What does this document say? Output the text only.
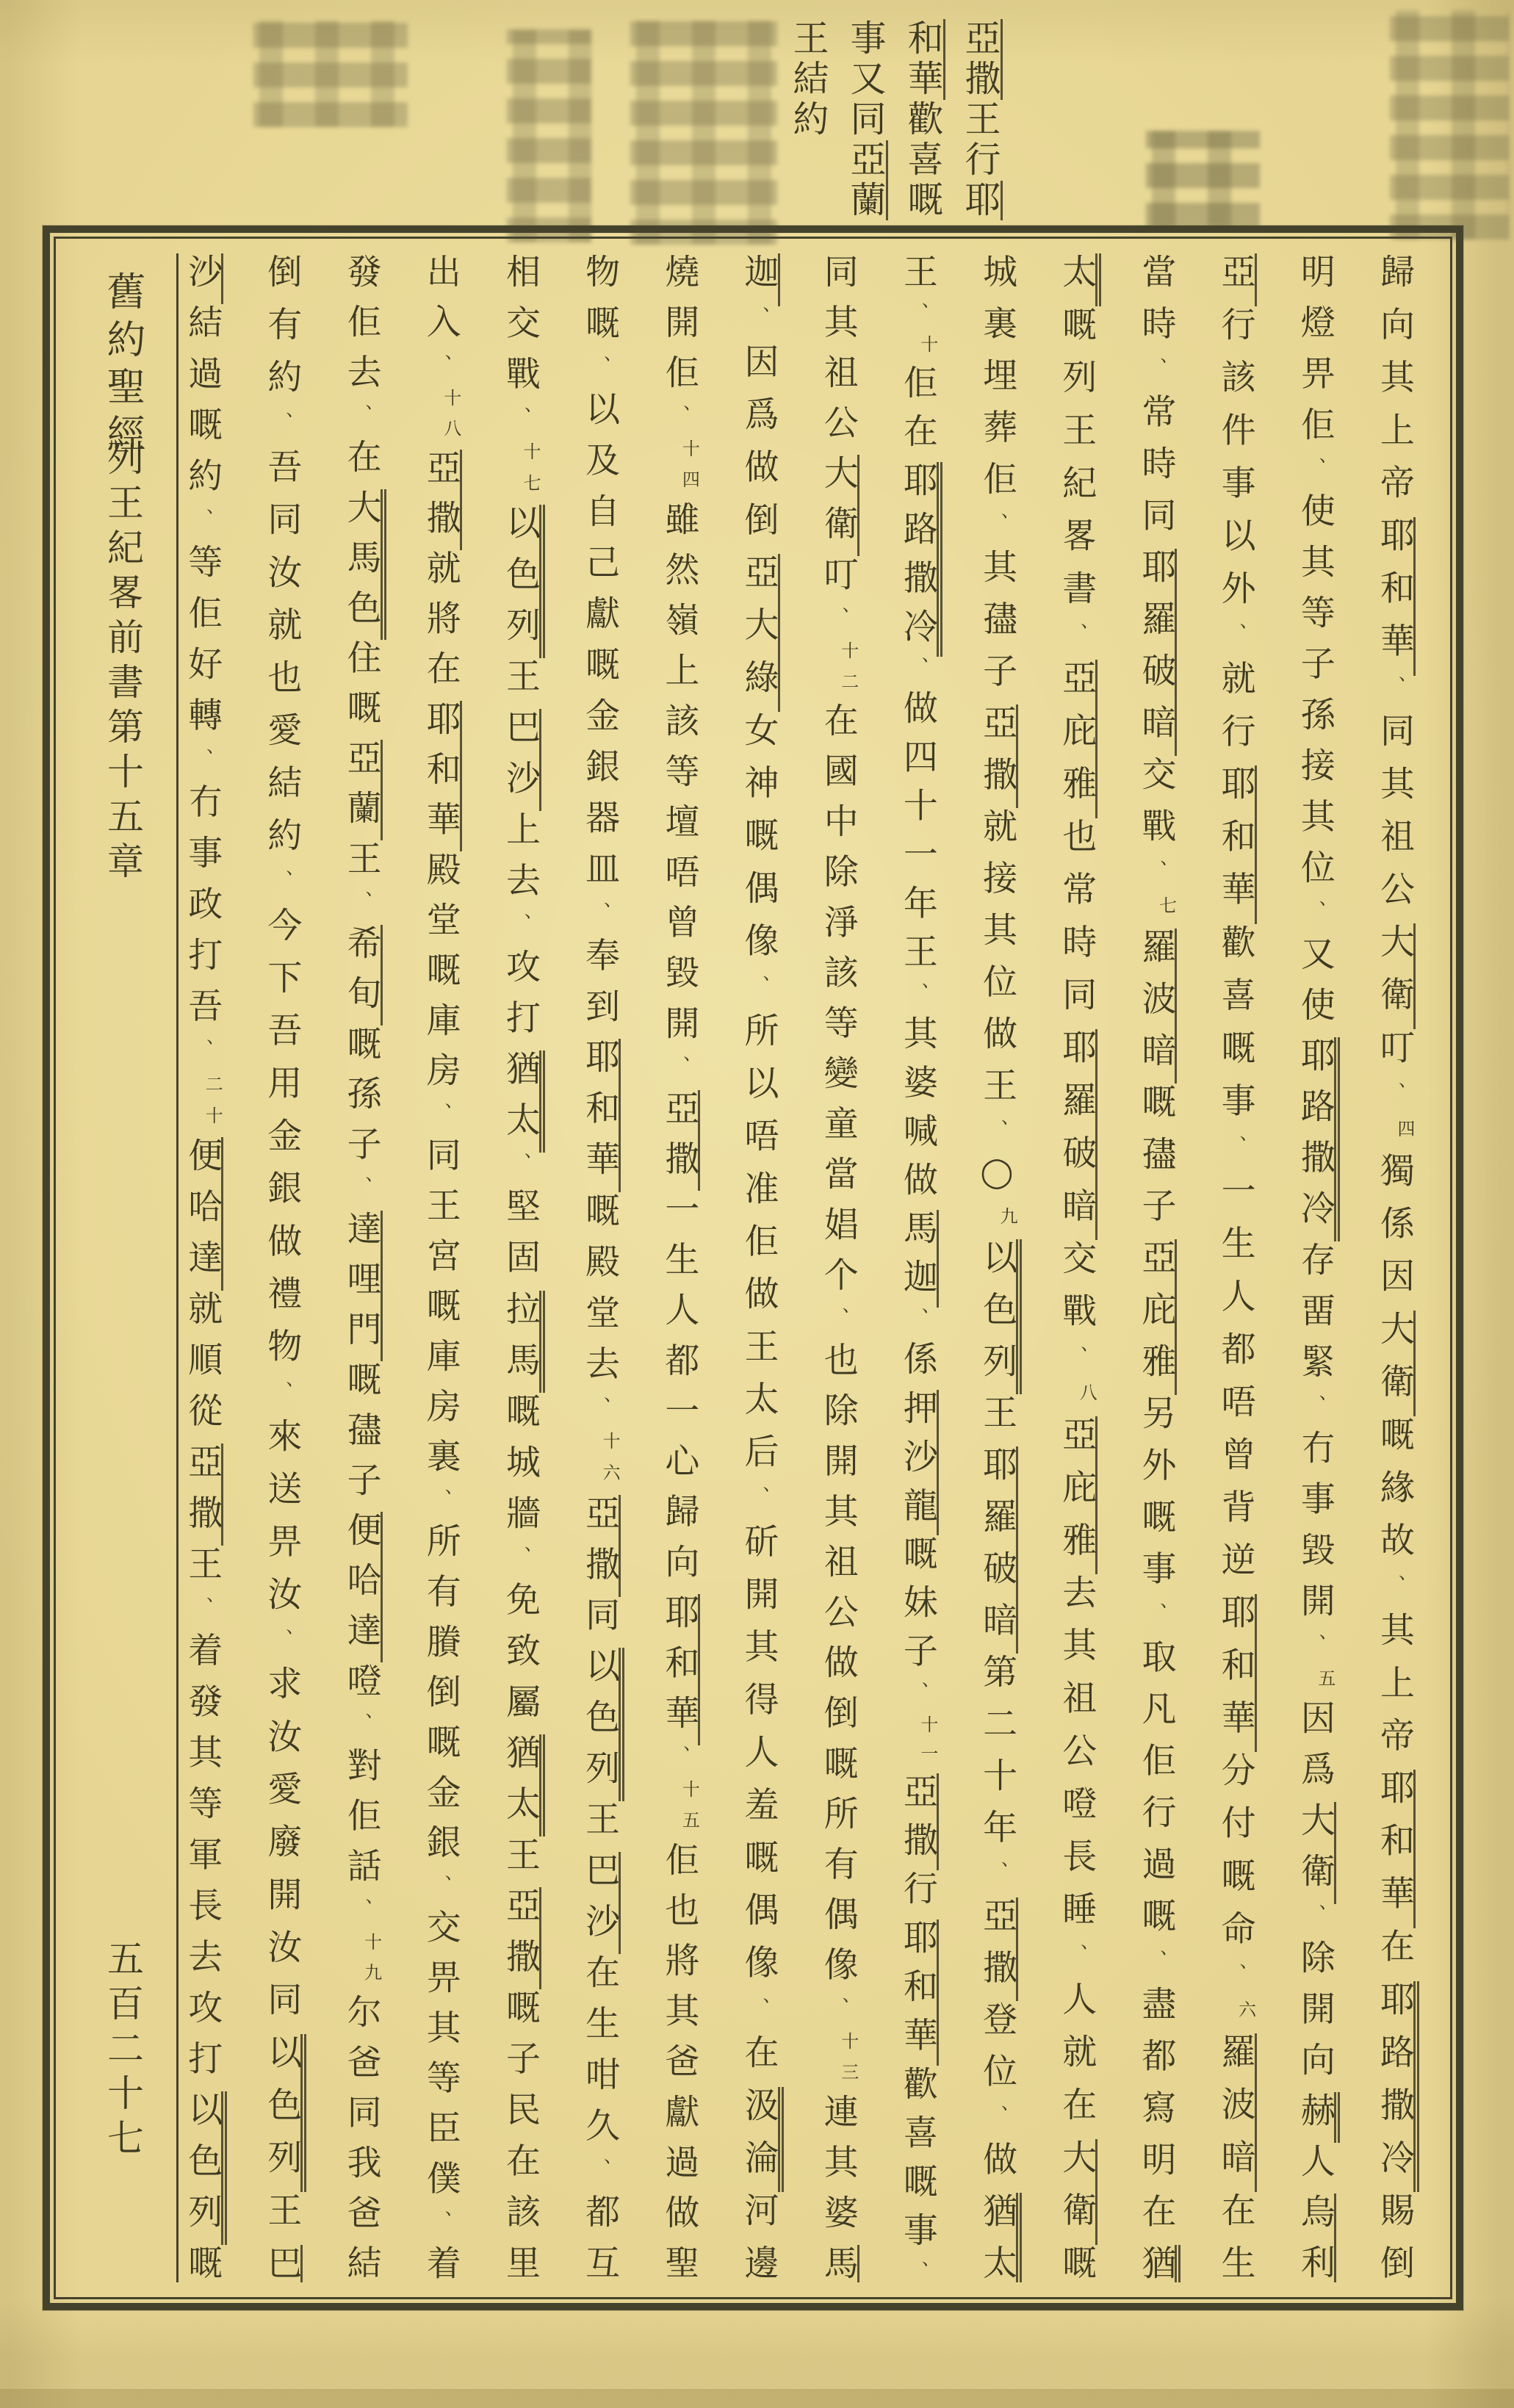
亞撒王行耶
和華歡喜嘅
事又同亞蘭
王結約
舊約聖經
列王紀畧前書
第十五章
五百二十七
歸向其上帝耶和華、同其祖公大衛叮、四獨係因大衛嘅緣故、其上帝耶和華在耶路撒冷賜倒
明燈畀佢、使其等子孫接其位、又使耶路撒冷存畱緊、冇事毀開、五因爲大衛、除開向赫人烏利
亞行該件事以外、就行耶和華歡喜嘅事、一生人都唔曾背逆耶和華分付嘅命、六羅波暗在生
當時、常時同耶羅破暗交戰、七羅波暗嘅孻子亞庇雅另外嘅事、取凡佢行過嘅、盡都寫明在猶
太嘅列王紀畧書、亞庇雅也常時同耶羅破暗交戰、八亞庇雅去其祖公噔長睡、人就在大衛嘅
城裏埋葬佢、其孻子亞撒就接其位做王、◯九以色列王耶羅破暗第二十年、亞撒登位、做猶太
王、十佢在耶路撒冷、做四十一年王、其婆喊做馬迦、係押沙龍嘅妹子、十一亞撒行耶和華歡喜嘅事、
同其祖公大衛叮、十二在國中除淨該等變童當娼个、也除開其祖公做倒嘅所有偶像、十三連其婆馬
迦、因爲做倒亞大綠女神嘅偶像、所以唔准佢做王太后、斫開其得人羞嘅偶像、在汲淪河邊
燒開佢、十四雖然嶺上該等壇唔曾毀開、亞撒一生人都一心歸向耶和華、十五佢也將其爸獻過做聖
物嘅、以及自己獻嘅金銀器皿、奉到耶和華嘅殿堂去、十六亞撒同以色列王巴沙在生咁久、都互
相交戰、十七以色列王巴沙上去、攻打猶太、堅固拉馬嘅城牆、免致屬猶太王亞撒嘅子民在該里
出入、十八亞撒就將在耶和華殿堂嘅庫房、同王宮嘅庫房裏、所有賸倒嘅金銀、交畀其等臣僕、着
發佢去、在大馬色住嘅亞蘭王、希旬嘅孫子、達哩門嘅孻子便哈達噔、對佢話、十九尔爸同我爸結
倒有約、吾同汝就也愛結約、今下吾用金銀做禮物、來送畀汝、求汝愛廢開汝同以色列王巴
沙結過嘅約、等佢好轉、冇事政打吾、二十便哈達就順從亞撒王、着發其等軍長去攻打以色列嘅
